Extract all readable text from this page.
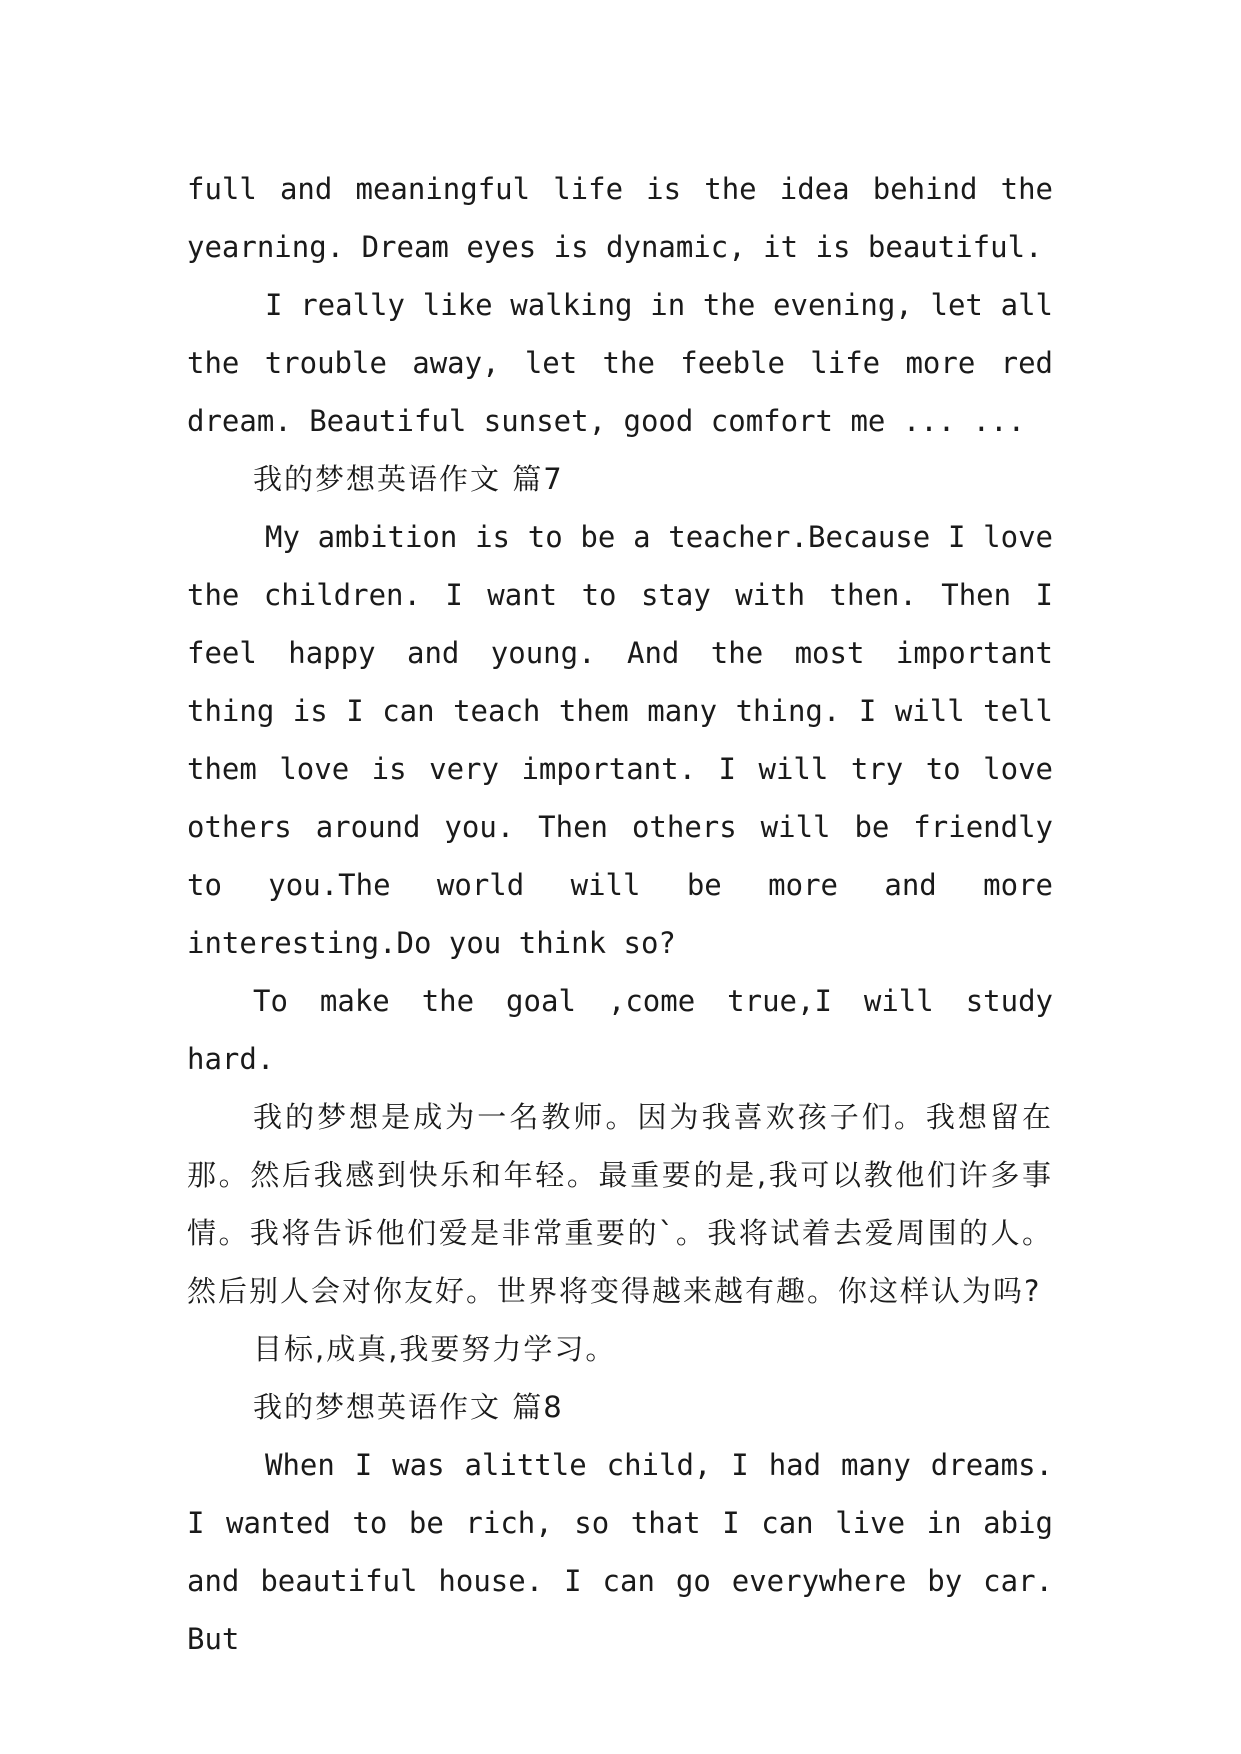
full and meaningful life is the idea behind the yearning. Dream eyes is dynamic, it is beautiful.

I really like walking in the evening, let all the trouble away, let the feeble life more red dream. Beautiful sunset, good comfort me ... ...

我的梦想英语作文 篇7

My ambition is to be a teacher.Because I love the children. I want to stay with then. Then I feel happy and young. And the most important thing is I can teach them many thing. I will tell them love is very important. I will try to love others around you. Then others will be friendly to you.The world will be more and more interesting.Do you think so?

To make the goal ,come true,I will study hard.

我的梦想是成为一名教师。因为我喜欢孩子们。我想留在那。然后我感到快乐和年轻。最重要的是,我可以教他们许多事情。我将告诉他们爱是非常重要的`。我将试着去爱周围的人。然后别人会对你友好。世界将变得越来越有趣。你这样认为吗?

目标,成真,我要努力学习。

我的梦想英语作文 篇8

When I was alittle child, I had many dreams. I wanted to be rich, so that I can live in abig and beautiful house. I can go everywhere by car. But
